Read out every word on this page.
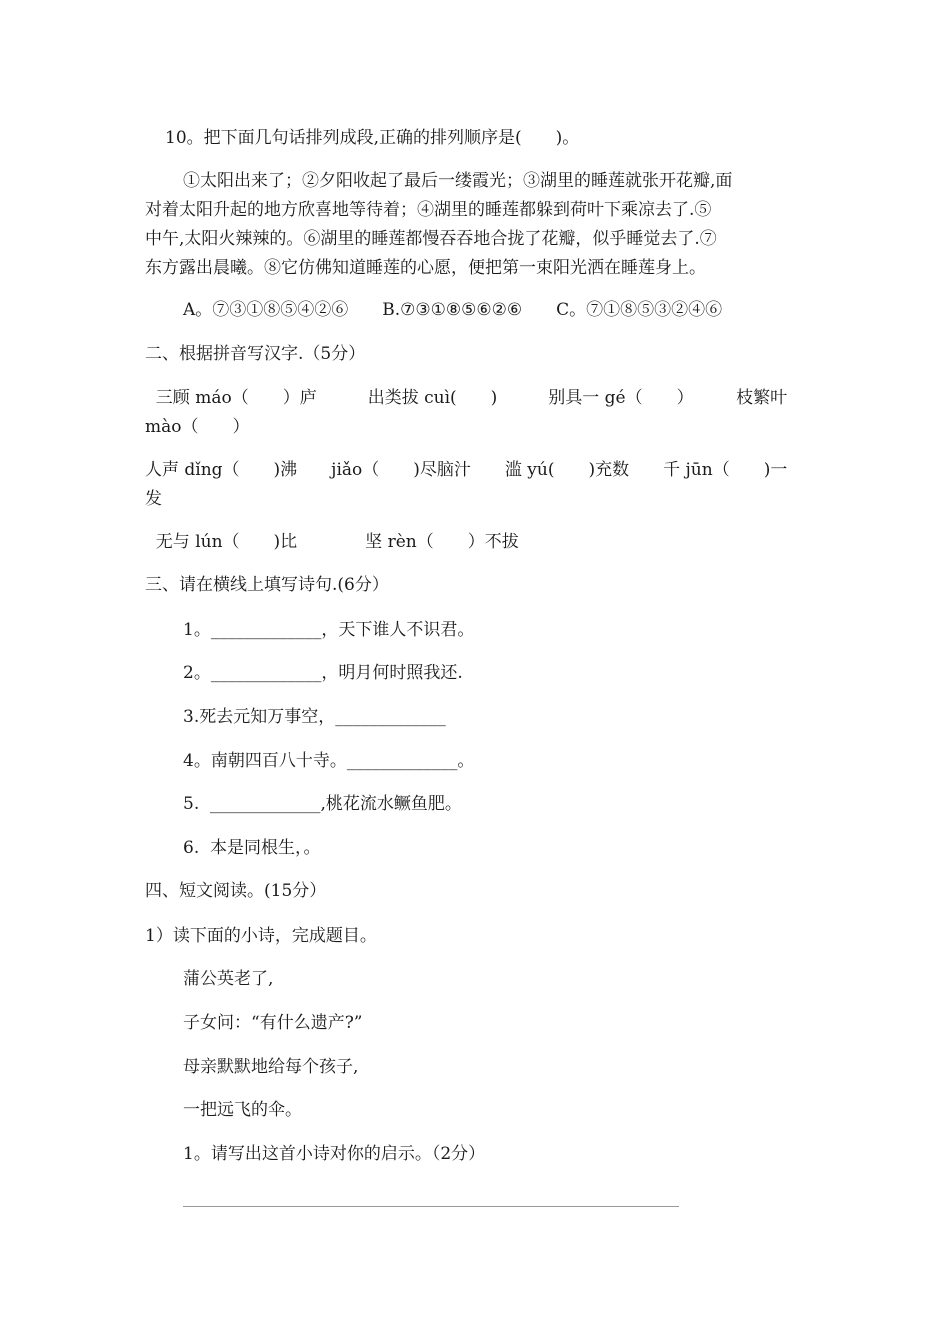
10。把下面几句话排列成段,正确的排列顺序是(　　)。
①太阳出来了；②夕阳收起了最后一缕霞光；③湖里的睡莲就张开花瓣,面
对着太阳升起的地方欣喜地等待着；④湖里的睡莲都躲到荷叶下乘凉去了.⑤
中午,太阳火辣辣的。⑥湖里的睡莲都慢吞吞地合拢了花瓣，似乎睡觉去了.⑦
东方露出晨曦。⑧它仿佛知道睡莲的心愿，便把第一束阳光洒在睡莲身上。
A。⑦③①⑧⑤④②⑥　　B.⑦③①⑧⑤⑥②⑥　　C。⑦①⑧⑤③②④⑥
二、根据拼音写汉字.（5分）
三顾 máo（　　）庐　　　出类拔 cuì(　　)　　　别具一 gé（　　）　　　枝繁叶
mào（　　）
人声 dǐng（　　)沸　　jiǎo（　　)尽脑汁　　滥 yú(　　)充数　　千 jūn（　　)一
发
无与 lún（　　)比　　　　坚 rèn（　　）不拔
三、请在横线上填写诗句.(6分）
1。_____________，天下谁人不识君。
2。_____________，明月何时照我还.
3.死去元知万事空，_____________
4。南朝四百八十寺。_____________。
5.  _____________,桃花流水鳜鱼肥。
6.  本是同根生，。
四、短文阅读。(15分）
1）读下面的小诗，完成题目。
蒲公英老了,
子女问：“有什么遗产?”
母亲默默地给每个孩子,
一把远飞的伞。
1。请写出这首小诗对你的启示。（2分）
